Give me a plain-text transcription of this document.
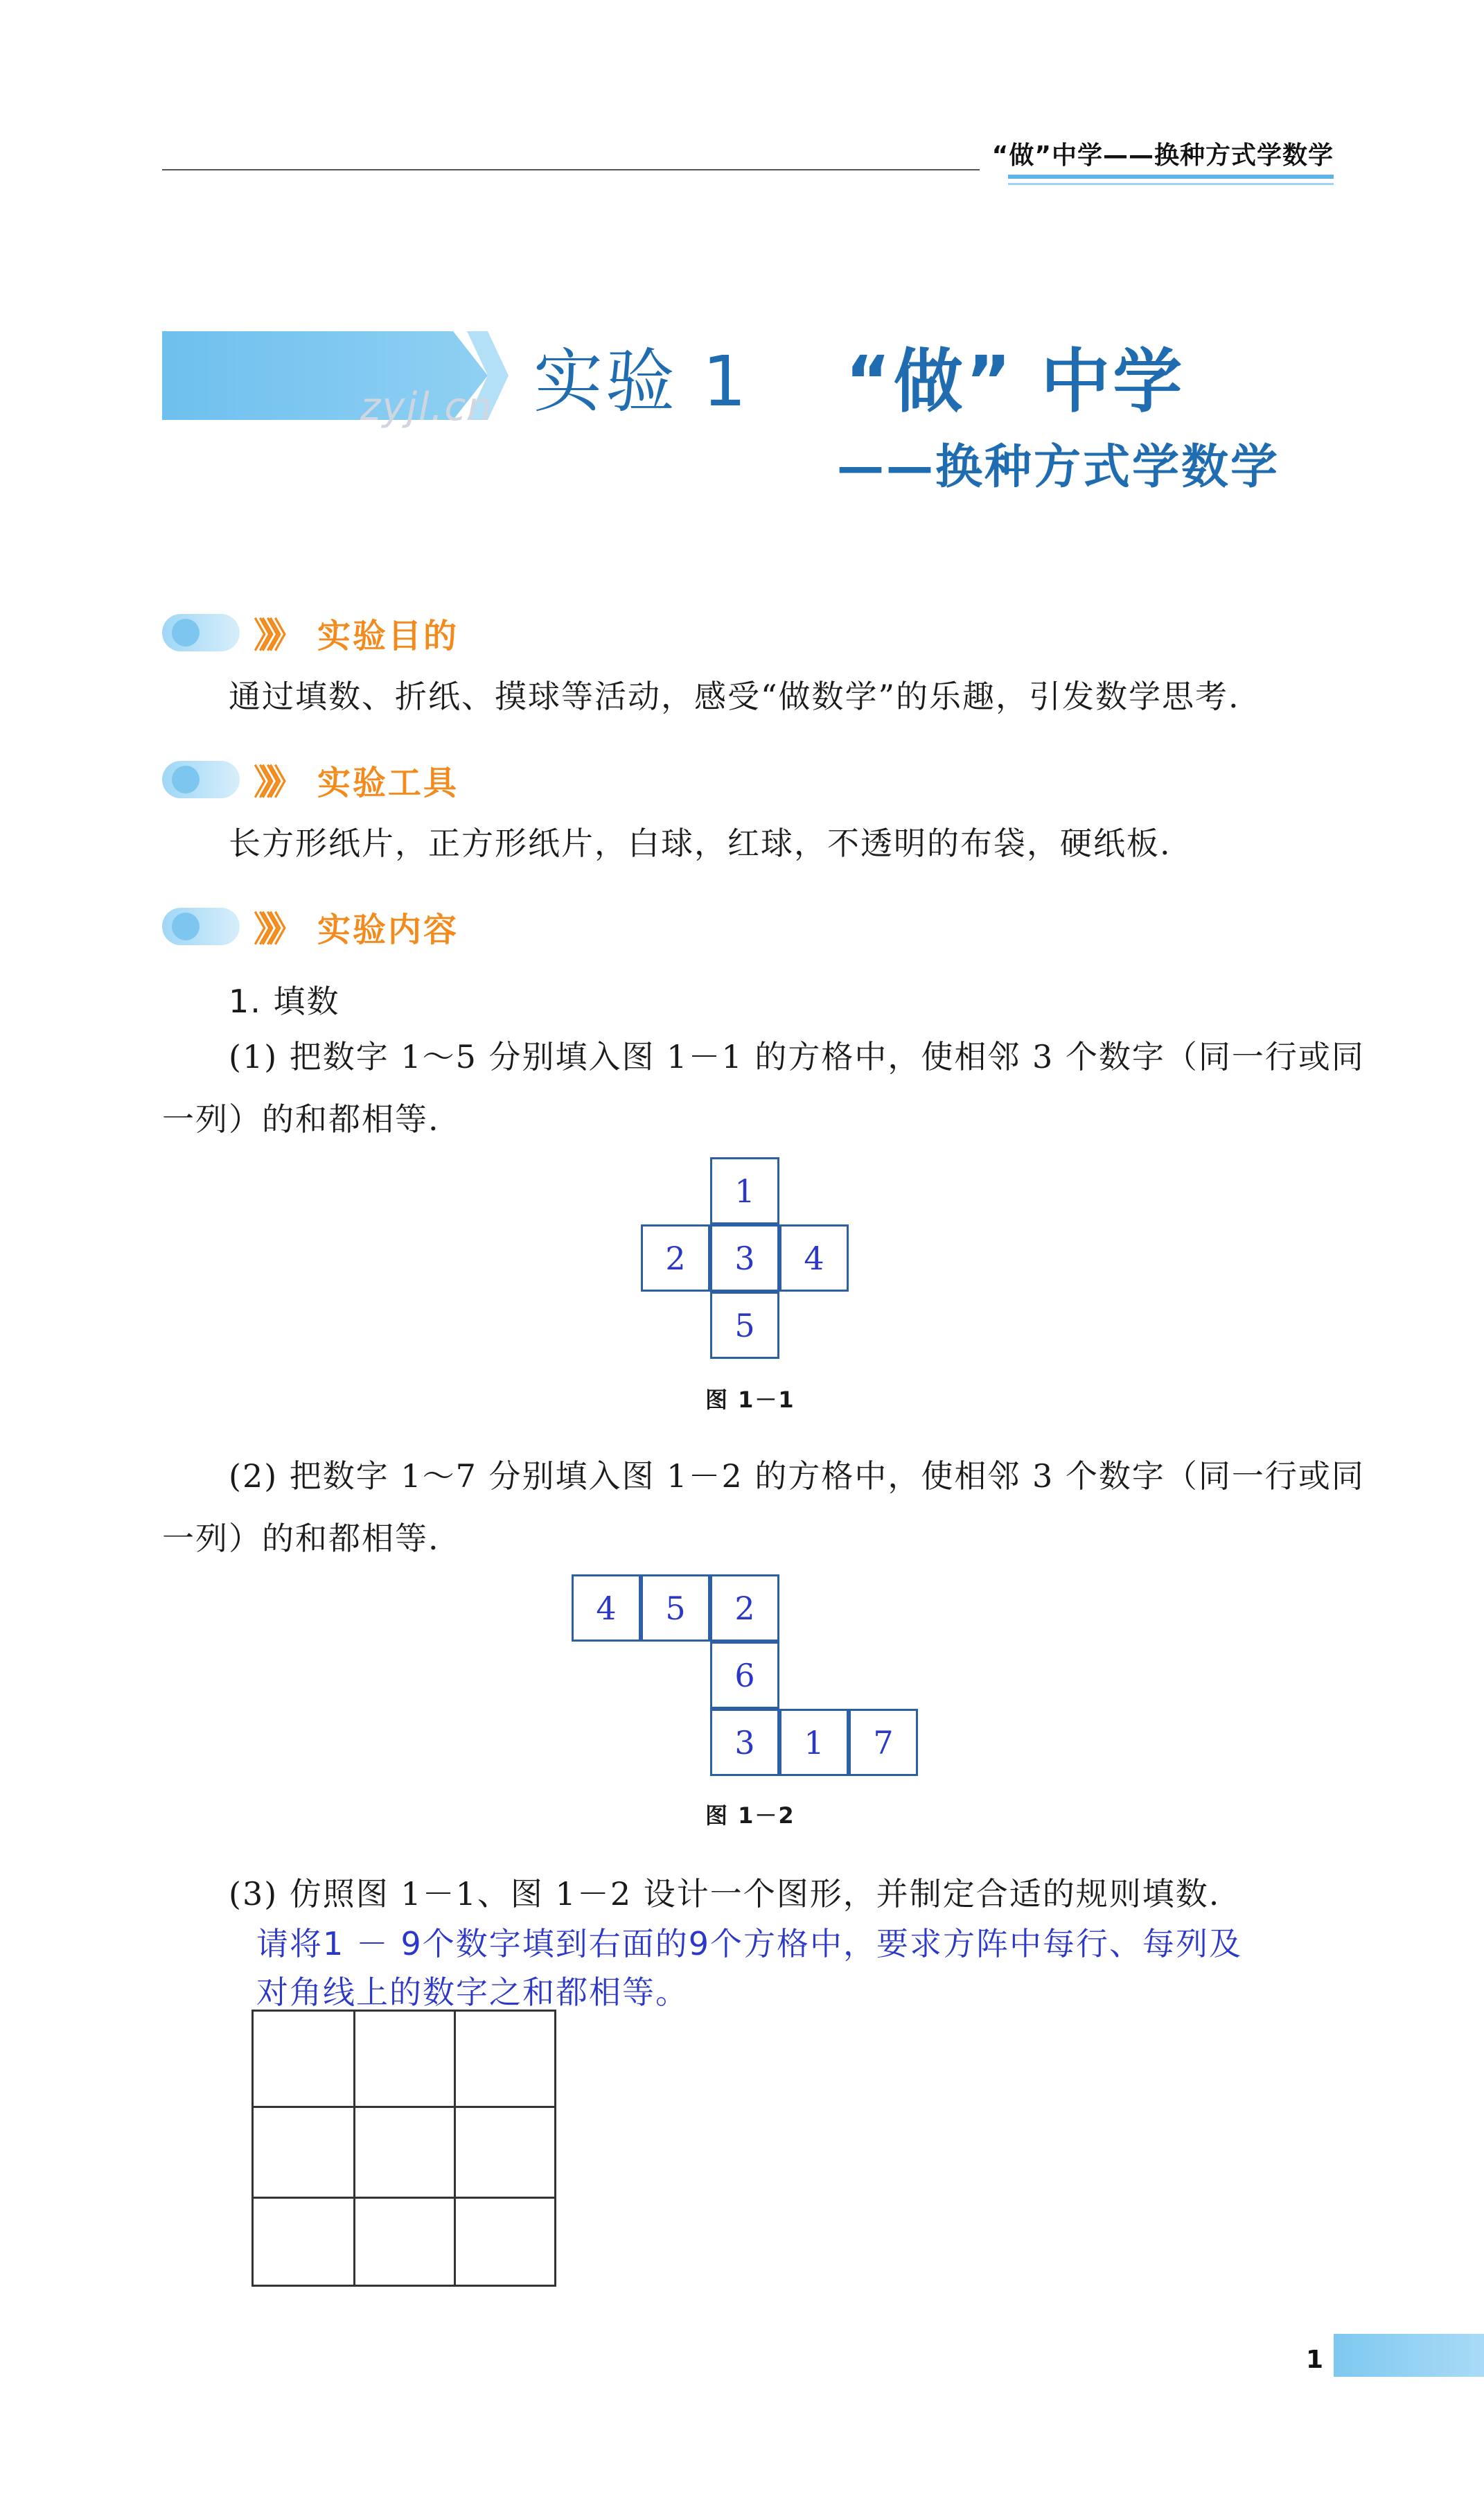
“做”中学——换种方式学数学
zyjl.cn 实验 1 “做” 中学
——换种方式学数学
》》》 实验目的
通过填数、折纸、摸球等活动，感受“做数学”的乐趣，引发数学思考.
》》》 实验工具
长方形纸片，正方形纸片，白球，红球，不透明的布袋，硬纸板.
》》》 实验内容
1. 填数
(1) 把数字 1～5 分别填入图 1－1 的方格中，使相邻 3 个数字（同一行或同
一列）的和都相等.
1
2	3	4
5
图 1－1
(2) 把数字 1～7 分别填入图 1－2 的方格中，使相邻 3 个数字（同一行或同
一列）的和都相等.
4	5	2
6
3	1	7
图 1－2
(3) 仿照图 1－1、图 1－2 设计一个图形，并制定合适的规则填数.
请将1 － 9个数字填到右面的9个方格中，要求方阵中每行、每列及
对角线上的数字之和都相等。
1
